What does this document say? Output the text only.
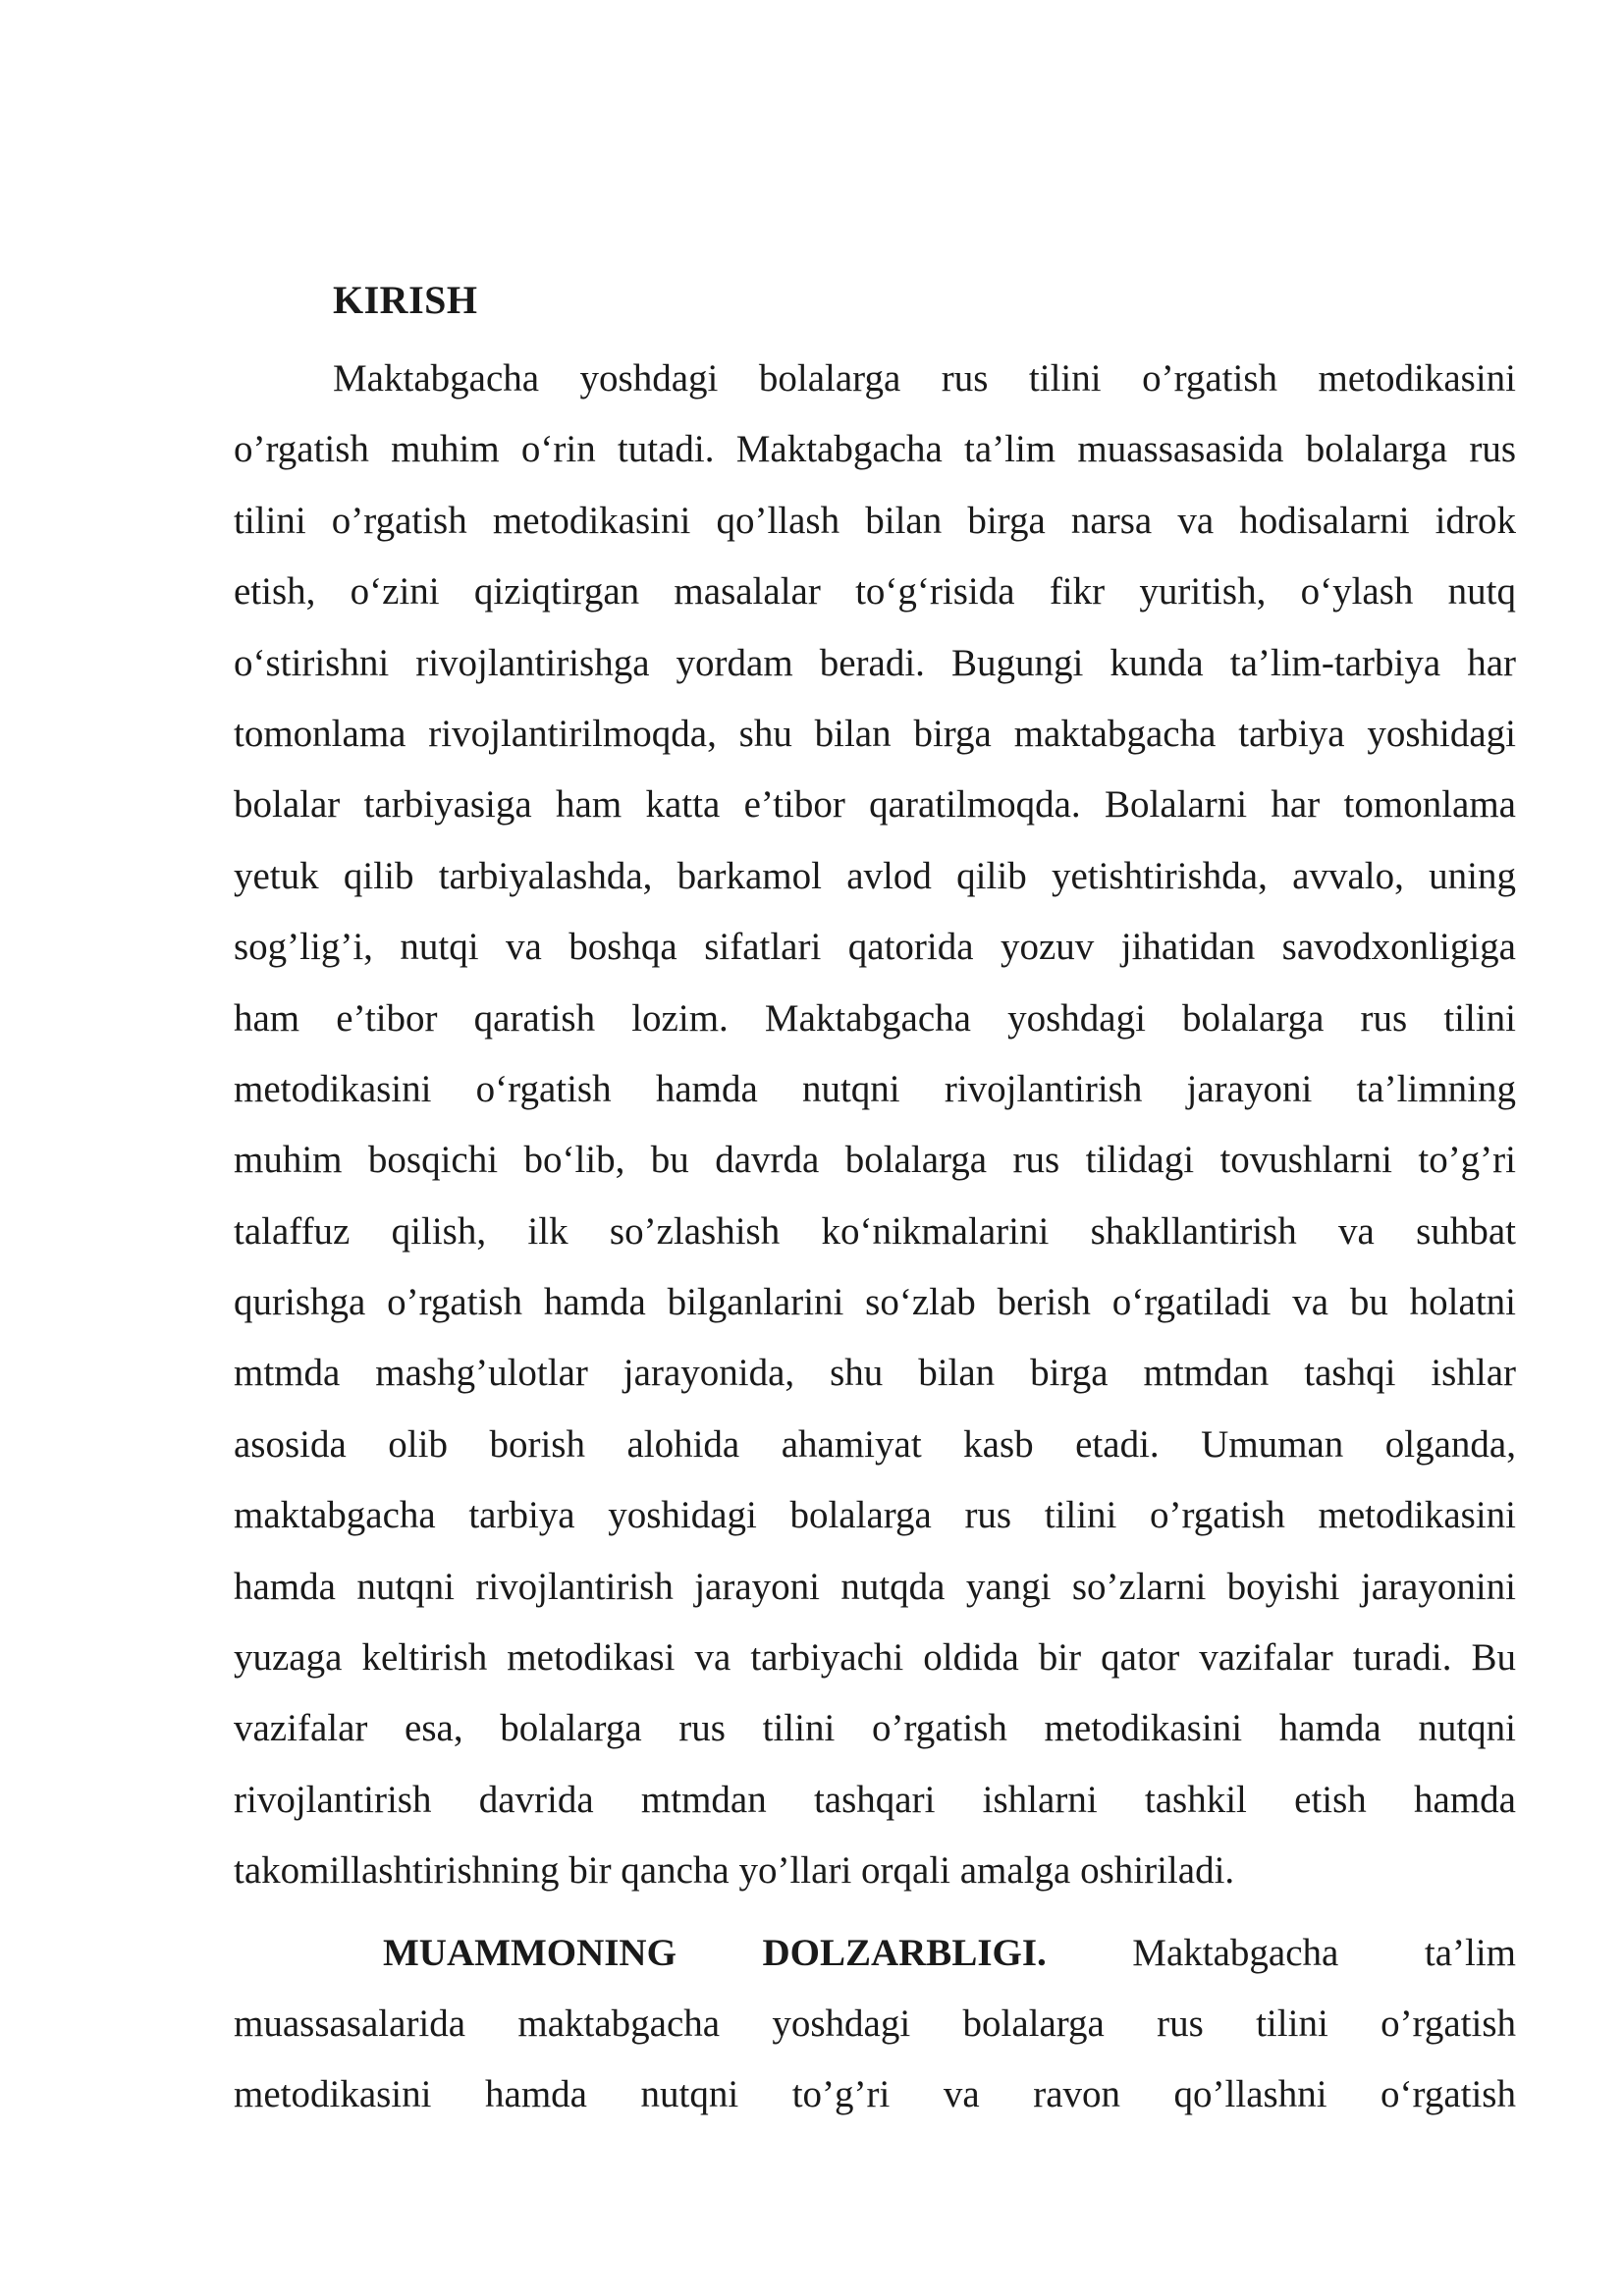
KIRISH
Maktabgacha yoshdagi bolalarga rus tilini o’rgatish metodikasini
o’rgatish muhim o‘rin tutadi. Maktabgacha ta’lim muassasasida bolalarga rus
tilini o’rgatish metodikasini qo’llash bilan birga narsa va hodisalarni idrok
etish, o‘zini qiziqtirgan masalalar to‘g‘risida fikr yuritish, o‘ylash nutq
o‘stirishni rivojlantirishga yordam beradi. Bugungi kunda ta’lim-tarbiya har
tomonlama rivojlantirilmoqda, shu bilan birga maktabgacha tarbiya yoshidagi
bolalar tarbiyasiga ham katta e’tibor qaratilmoqda. Bolalarni har tomonlama
yetuk qilib tarbiyalashda, barkamol avlod qilib yetishtirishda, avvalo, uning
sog’lig’i, nutqi va boshqa sifatlari qatorida yozuv jihatidan savodxonligiga
ham e’tibor qaratish lozim. Maktabgacha yoshdagi bolalarga rus tilini
metodikasini o‘rgatish hamda nutqni rivojlantirish jarayoni ta’limning
muhim bosqichi bo‘lib, bu davrda bolalarga rus tilidagi tovushlarni to’g’ri
talaffuz qilish, ilk so’zlashish ko‘nikmalarini shakllantirish va suhbat
qurishga o’rgatish hamda bilganlarini so‘zlab berish o‘rgatiladi va bu holatni
mtmda mashg’ulotlar jarayonida, shu bilan birga mtmdan tashqi ishlar
asosida olib borish alohida ahamiyat kasb etadi. Umuman olganda,
maktabgacha tarbiya yoshidagi bolalarga rus tilini o’rgatish metodikasini
hamda nutqni rivojlantirish jarayoni nutqda yangi so’zlarni boyishi jarayonini
yuzaga keltirish metodikasi va tarbiyachi oldida bir qator vazifalar turadi. Bu
vazifalar esa, bolalarga rus tilini o’rgatish metodikasini hamda nutqni
rivojlantirish davrida mtmdan tashqari ishlarni tashkil etish hamda
takomillashtirishning bir qancha yo’llari orqali amalga oshiriladi.
MUAMMONING DOLZARBLIGI. Maktabgacha ta’lim
muassasalarida maktabgacha yoshdagi bolalarga rus tilini o’rgatish
metodikasini hamda nutqni to’g’ri va ravon qo’llashni o‘rgatish
